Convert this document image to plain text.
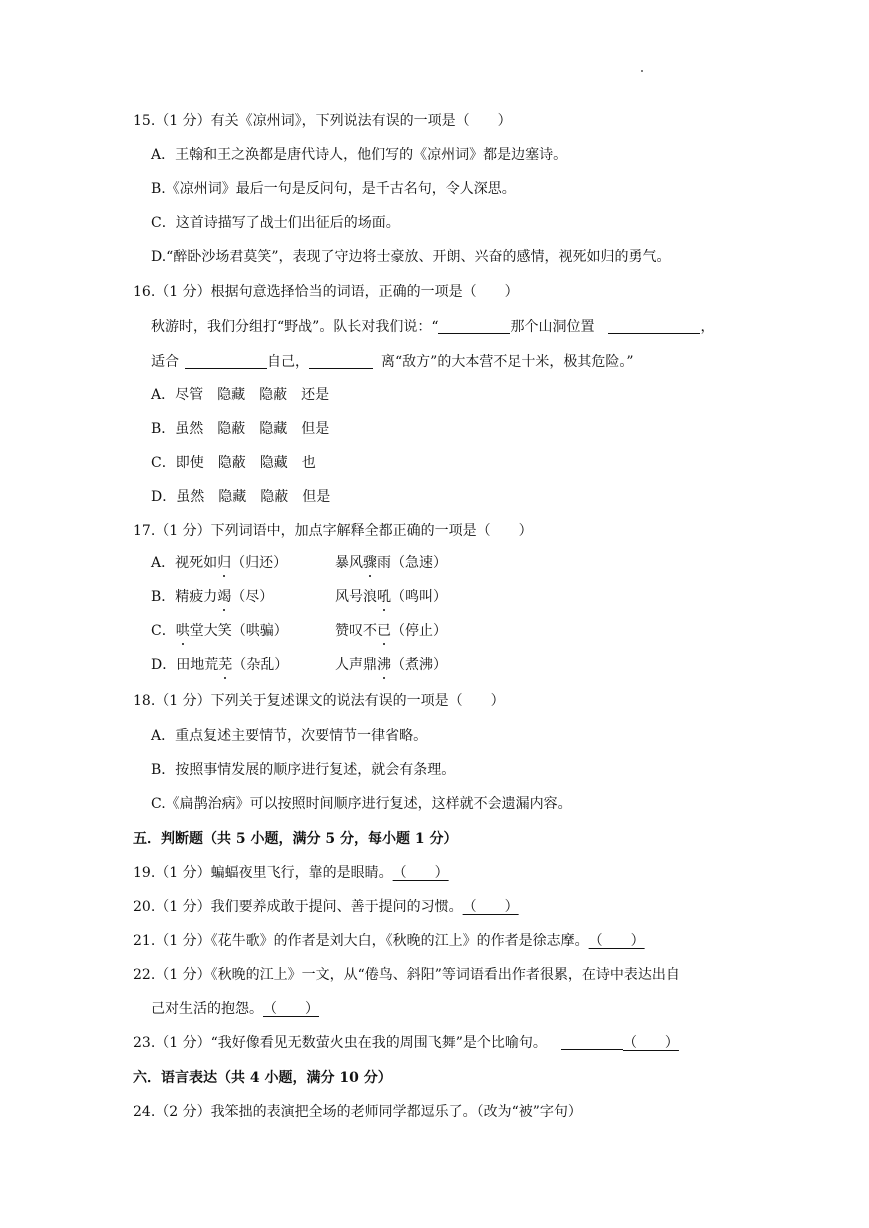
15.（1 分）有关《凉州词》，下列说法有误的一项是（　　）
A．王翰和王之涣都是唐代诗人，他们写的《凉州词》都是边塞诗。
B.《凉州词》最后一句是反问句，是千古名句，令人深思。
C．这首诗描写了战士们出征后的场面。
D.“醉卧沙场君莫笑”，表现了守边将士豪放、开朗、兴奋的感情，视死如归的勇气。
16.（1 分）根据句意选择恰当的词语，正确的一项是（　　）
秋游时，我们分组打“野战”。队长对我们说：“	那个山洞位置	，
适合	自己，	离“敌方”的大本营不足十米，极其危险。”
A．尽管　隐藏　隐蔽　还是
B．虽然　隐蔽　隐藏　但是
C．即使　隐蔽　隐藏　也
D．虽然　隐藏　隐蔽　但是
17.（1 分）下列词语中，加点字解释全都正确的一项是（　　）
A．视死如归（归还）	暴风骤雨（急速）
B．精疲力竭（尽）	风号浪吼（鸣叫）
C．哄堂大笑（哄骗）	赞叹不已（停止）
D．田地荒芜（杂乱）	人声鼎沸（煮沸）
18.（1 分）下列关于复述课文的说法有误的一项是（　　）
A．重点复述主要情节，次要情节一律省略。
B．按照事情发展的顺序进行复述，就会有条理。
C.《扁鹊治病》可以按照时间顺序进行复述，这样就不会遗漏内容。
五．判断题（共 5 小题，满分 5 分，每小题 1 分）
19.（1 分）蝙蝠夜里飞行，靠的是眼睛。（　　）
20.（1 分）我们要养成敢于提问、善于提问的习惯。（　　）
21.（1 分）《花牛歌》的作者是刘大白，《秋晚的江上》的作者是徐志摩。（　　）
22.（1 分）《秋晚的江上》一文，从“倦鸟、斜阳”等词语看出作者很累，在诗中表达出自
己对生活的抱怨。（　　）
23.（1 分）“我好像看见无数萤火虫在我的周围飞舞”是个比喻句。	（　　）
六．语言表达（共 4 小题，满分 10 分）
24.（2 分）我笨拙的表演把全场的老师同学都逗乐了。（改为“被”字句）
